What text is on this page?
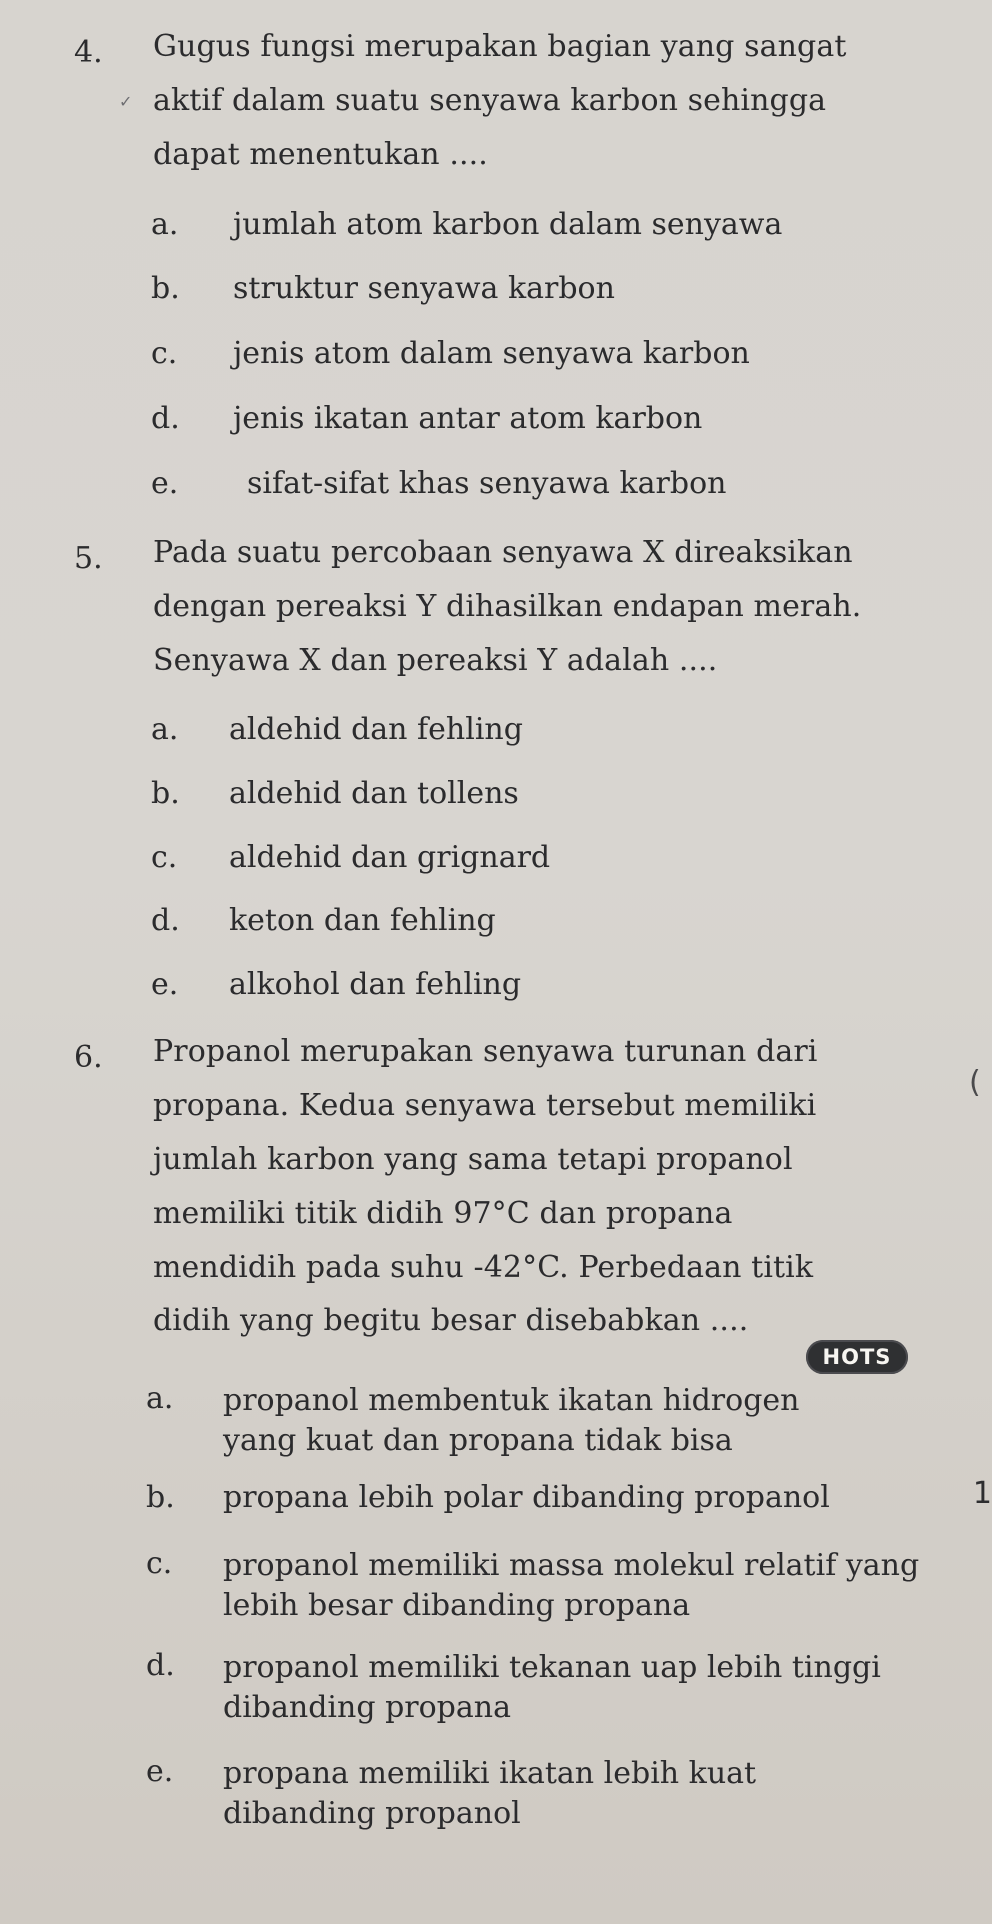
✓
(
1
4. Gugus fungsi merupakan bagian yang sangat
aktif dalam suatu senyawa karbon sehingga
dapat menentukan ....

a. jumlah atom karbon dalam senyawa
b. struktur senyawa karbon
c. jenis atom dalam senyawa karbon
d. jenis ikatan antar atom karbon
e. sifat-sifat khas senyawa karbon
5. Pada suatu percobaan senyawa X direaksikan
dengan pereaksi Y dihasilkan endapan merah.
Senyawa X dan pereaksi Y adalah ....

a. aldehid dan fehling
b. aldehid dan tollens
c. aldehid dan grignard
d. keton dan fehling
e. alkohol dan fehling
6. Propanol merupakan senyawa turunan dari
propana. Kedua senyawa tersebut memiliki
jumlah karbon yang sama tetapi propanol
memiliki titik didih 97°C dan propana
mendidih pada suhu -42°C. Perbedaan titik
didih yang begitu besar disebabkan ....

HOTS
a. propanol membentuk ikatan hidrogen yang kuat dan propana tidak bisa
b. propana lebih polar dibanding propanol
c. propanol memiliki massa molekul relatif yang lebih besar dibanding propana
d. propanol memiliki tekanan uap lebih tinggi dibanding propana
e. propana memiliki ikatan lebih kuat dibanding propanol
